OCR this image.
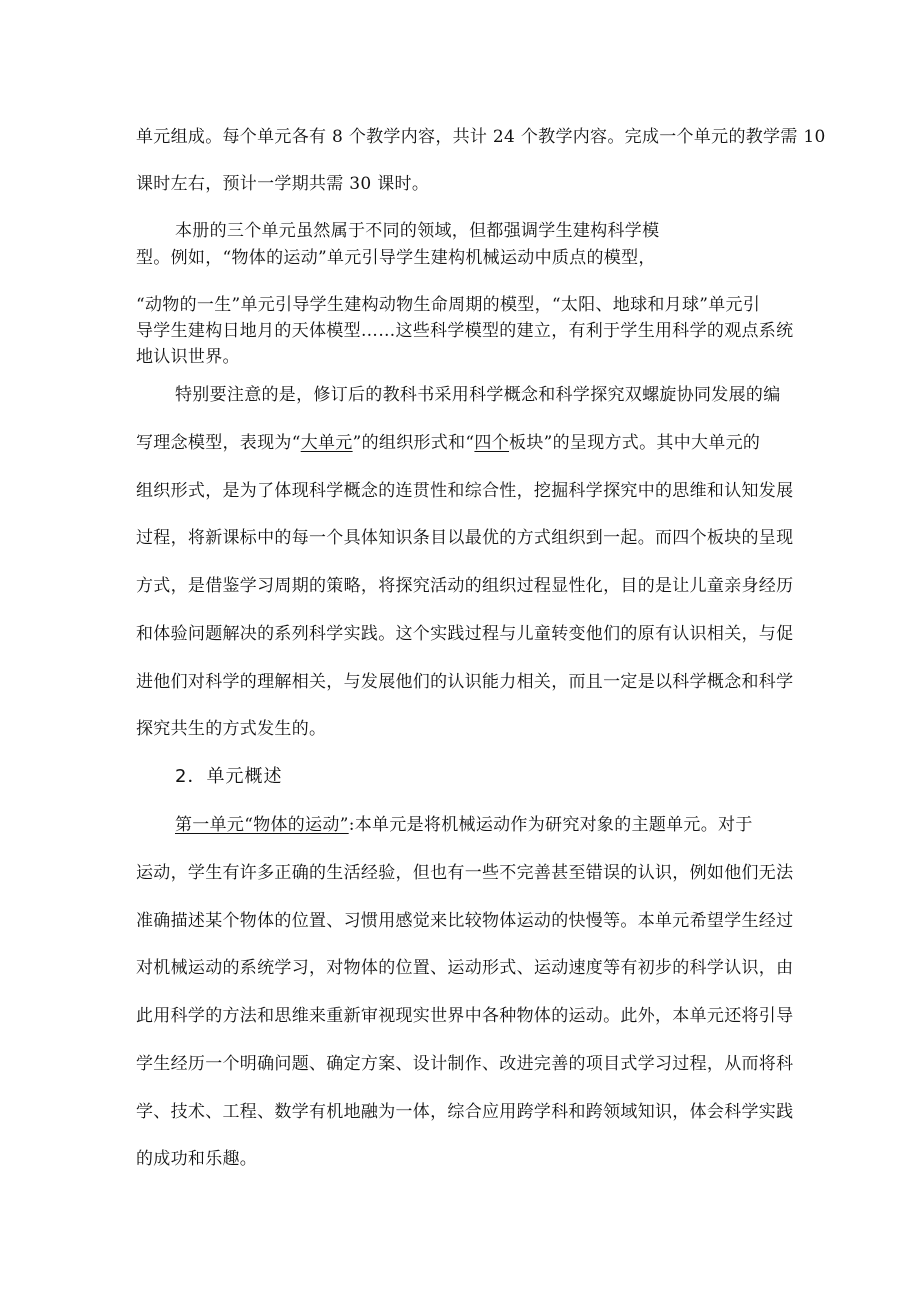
单元组成。每个单元各有 8 个教学内容，共计 24 个教学内容。完成一个单元的教学需 10
课时左右，预计一学期共需 30 课时。
本册的三个单元虽然属于不同的领域，但都强调学生建构科学模
型。例如，“物体的运动”单元引导学生建构机械运动中质点的模型，
“动物的一生”单元引导学生建构动物生命周期的模型，“太阳、地球和月球”单元引
导学生建构日地月的天体模型……这些科学模型的建立，有利于学生用科学的观点系统
地认识世界。
特别要注意的是，修订后的教科书采用科学概念和科学探究双螺旋协同发展的编
写理念模型，表现为“大单元”的组织形式和“四个板块”的呈现方式。其中大单元的
组织形式，是为了体现科学概念的连贯性和综合性，挖掘科学探究中的思维和认知发展
过程，将新课标中的每一个具体知识条目以最优的方式组织到一起。而四个板块的呈现
方式，是借鉴学习周期的策略，将探究活动的组织过程显性化，目的是让儿童亲身经历
和体验问题解决的系列科学实践。这个实践过程与儿童转变他们的原有认识相关，与促
进他们对科学的理解相关，与发展他们的认识能力相关，而且一定是以科学概念和科学
探究共生的方式发生的。
2．单元概述
第一单元“物体的运动”:本单元是将机械运动作为研究对象的主题单元。对于
运动，学生有许多正确的生活经验，但也有一些不完善甚至错误的认识，例如他们无法
准确描述某个物体的位置、习惯用感觉来比较物体运动的快慢等。本单元希望学生经过
对机械运动的系统学习，对物体的位置、运动形式、运动速度等有初步的科学认识，由
此用科学的方法和思维来重新审视现实世界中各种物体的运动。此外，本单元还将引导
学生经历一个明确问题、确定方案、设计制作、改进完善的项目式学习过程，从而将科
学、技术、工程、数学有机地融为一体，综合应用跨学科和跨领域知识，体会科学实践
的成功和乐趣。
